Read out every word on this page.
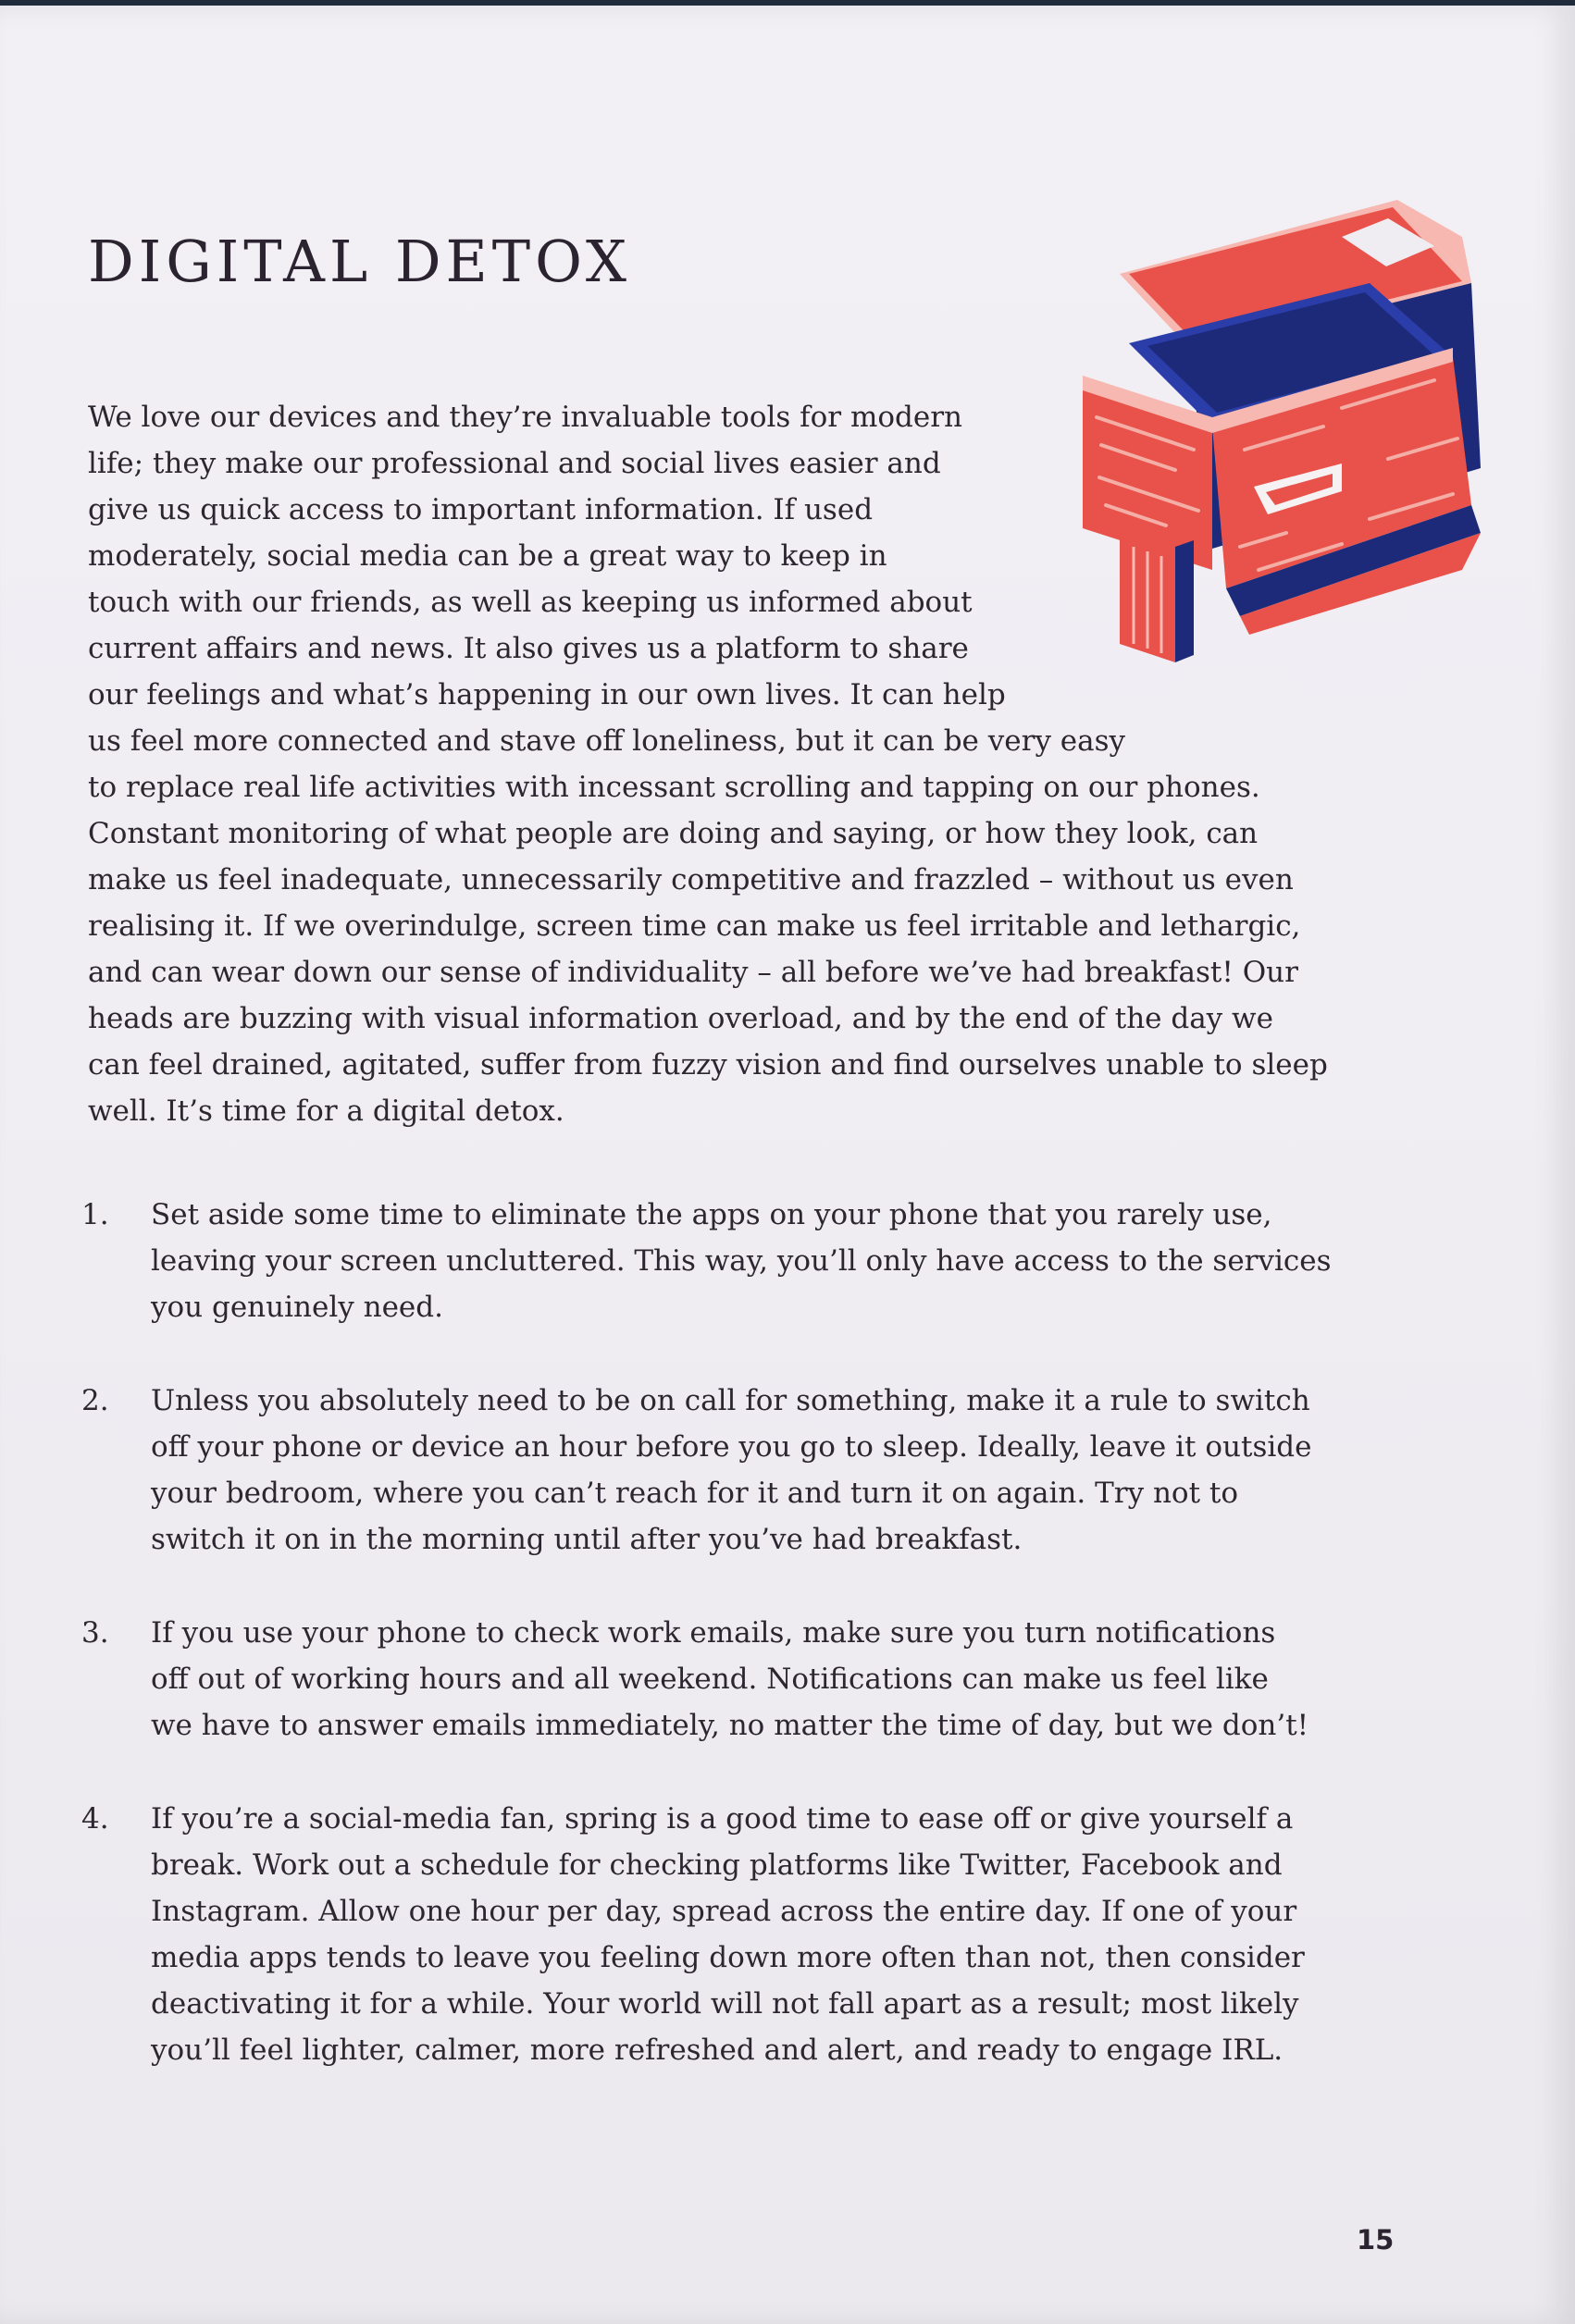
DIGITAL DETOX
We love our devices and they’re invaluable tools for modern
life; they make our professional and social lives easier and
give us quick access to important information. If used
moderately, social media can be a great way to keep in
touch with our friends, as well as keeping us informed about
current affairs and news. It also gives us a platform to share
our feelings and what’s happening in our own lives. It can help
us feel more connected and stave off loneliness, but it can be very easy
to replace real life activities with incessant scrolling and tapping on our phones.
Constant monitoring of what people are doing and saying, or how they look, can
make us feel inadequate, unnecessarily competitive and frazzled – without us even
realising it. If we overindulge, screen time can make us feel irritable and lethargic,
and can wear down our sense of individuality – all before we’ve had breakfast! Our
heads are buzzing with visual information overload, and by the end of the day we
can feel drained, agitated, suffer from fuzzy vision and find ourselves unable to sleep
well. It’s time for a digital detox.
1. Set aside some time to eliminate the apps on your phone that you rarely use,
leaving your screen uncluttered. This way, you’ll only have access to the services
you genuinely need.
2. Unless you absolutely need to be on call for something, make it a rule to switch
off your phone or device an hour before you go to sleep. Ideally, leave it outside
your bedroom, where you can’t reach for it and turn it on again. Try not to
switch it on in the morning until after you’ve had breakfast.
3. If you use your phone to check work emails, make sure you turn notifications
off out of working hours and all weekend. Notifications can make us feel like
we have to answer emails immediately, no matter the time of day, but we don’t!
4. If you’re a social-media fan, spring is a good time to ease off or give yourself a
break. Work out a schedule for checking platforms like Twitter, Facebook and
Instagram. Allow one hour per day, spread across the entire day. If one of your
media apps tends to leave you feeling down more often than not, then consider
deactivating it for a while. Your world will not fall apart as a result; most likely
you’ll feel lighter, calmer, more refreshed and alert, and ready to engage IRL.
15
